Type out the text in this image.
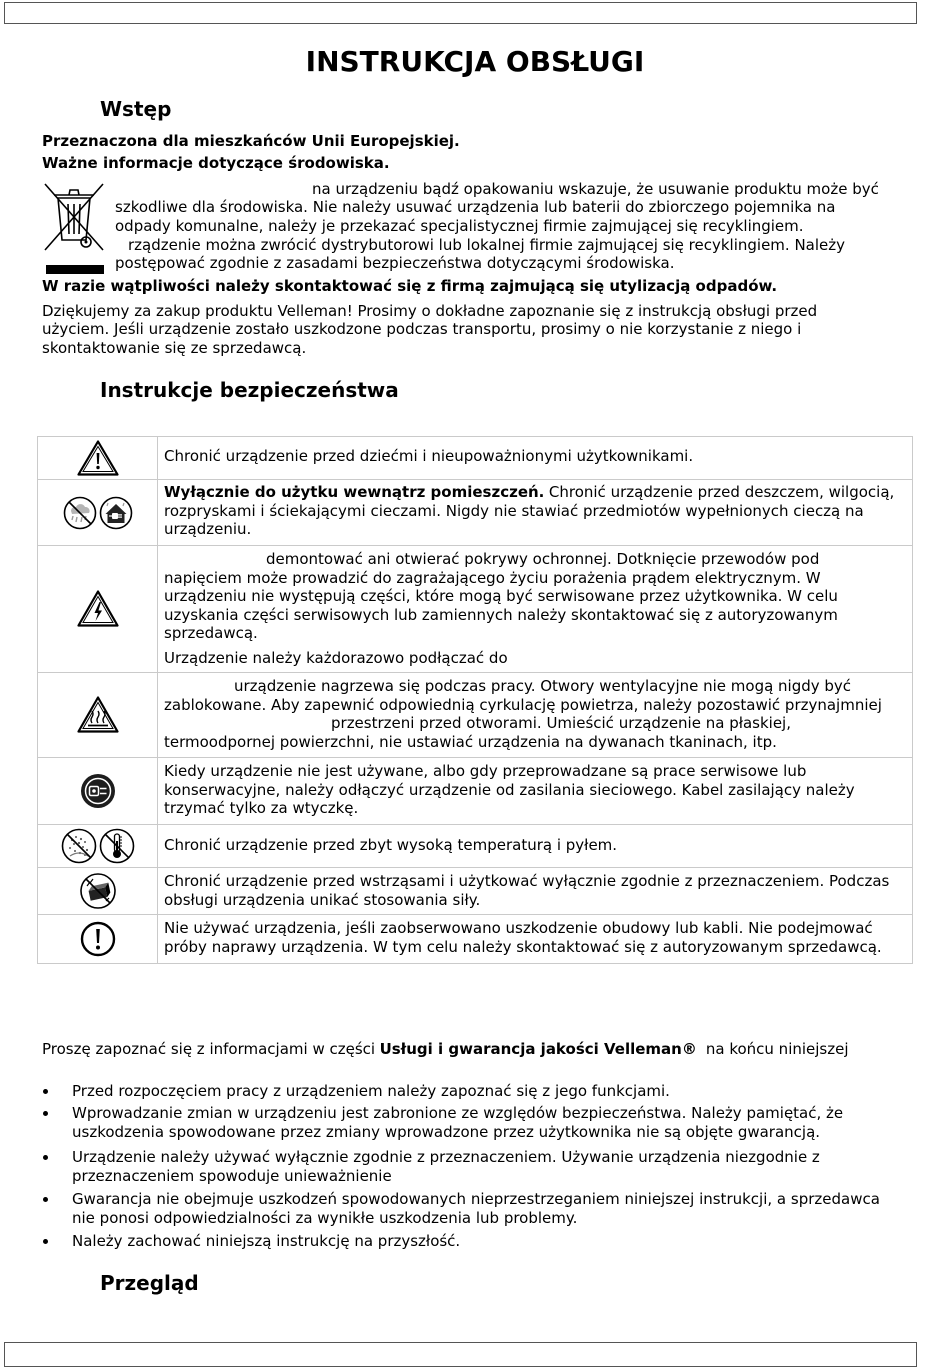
INSTRUKCJA OBSŁUGI
Wstęp
Przeznaczona dla mieszkańców Unii Europejskiej.
Ważne informacje dotyczące środowiska.
na urządzeniu bądź opakowaniu wskazuje, że usuwanie produktu może być
szkodliwe dla środowiska. Nie należy usuwać urządzenia lub baterii do zbiorczego pojemnika na
odpady komunalne, należy je przekazać specjalistycznej firmie zajmującej się recyklingiem.
rządzenie można zwrócić dystrybutorowi lub lokalnej firmie zajmującej się recyklingiem. Należy
postępować zgodnie z zasadami bezpieczeństwa dotyczącymi środowiska.
W razie wątpliwości należy skontaktować się z firmą zajmującą się utylizacją odpadów.
Dziękujemy za zakup produktu Velleman! Prosimy o dokładne zapoznanie się z instrukcją obsługi przed
użyciem. Jeśli urządzenie zostało uszkodzone podczas transportu, prosimy o nie korzystanie z niego i
skontaktowanie się ze sprzedawcą.
Instrukcje bezpieczeństwa
Chronić urządzenie przed dziećmi i nieupoważnionymi użytkownikami.
Wyłącznie do użytku wewnątrz pomieszczeń. Chronić urządzenie przed deszczem, wilgocią,
rozpryskami i ściekającymi cieczami. Nigdy nie stawiać przedmiotów wypełnionych cieczą na
urządzeniu.
demontować ani otwierać pokrywy ochronnej. Dotknięcie przewodów pod
napięciem może prowadzić do zagrażającego życiu porażenia prądem elektrycznym. W
urządzeniu nie występują części, które mogą być serwisowane przez użytkownika. W celu
uzyskania części serwisowych lub zamiennych należy skontaktować się z autoryzowanym
sprzedawcą.
Urządzenie należy każdorazowo podłączać do
urządzenie nagrzewa się podczas pracy. Otwory wentylacyjne nie mogą nigdy być
zablokowane. Aby zapewnić odpowiednią cyrkulację powietrza, należy pozostawić przynajmniej
przestrzeni przed otworami. Umieścić urządzenie na płaskiej,
termoodpornej powierzchni, nie ustawiać urządzenia na dywanach tkaninach, itp.
Kiedy urządzenie nie jest używane, albo gdy przeprowadzane są prace serwisowe lub
konserwacyjne, należy odłączyć urządzenie od zasilania sieciowego. Kabel zasilający należy
trzymać tylko za wtyczkę.
Chronić urządzenie przed zbyt wysoką temperaturą i pyłem.
Chronić urządzenie przed wstrząsami i użytkować wyłącznie zgodnie z przeznaczeniem. Podczas
obsługi urządzenia unikać stosowania siły.
Nie używać urządzenia, jeśli zaobserwowano uszkodzenie obudowy lub kabli. Nie podejmować
próby naprawy urządzenia. W tym celu należy skontaktować się z autoryzowanym sprzedawcą.
Proszę zapoznać się z informacjami w części Usługi i gwarancja jakości Velleman® na końcu niniejszej
Przed rozpoczęciem pracy z urządzeniem należy zapoznać się z jego funkcjami.
Wprowadzanie zmian w urządzeniu jest zabronione ze względów bezpieczeństwa. Należy pamiętać, że
uszkodzenia spowodowane przez zmiany wprowadzone przez użytkownika nie są objęte gwarancją.
Urządzenie należy używać wyłącznie zgodnie z przeznaczeniem. Używanie urządzenia niezgodnie z
przeznaczeniem spowoduje unieważnienie
Gwarancja nie obejmuje uszkodzeń spowodowanych nieprzestrzeganiem niniejszej instrukcji, a sprzedawca
nie ponosi odpowiedzialności za wynikłe uszkodzenia lub problemy.
Należy zachować niniejszą instrukcję na przyszłość.
Przegląd
